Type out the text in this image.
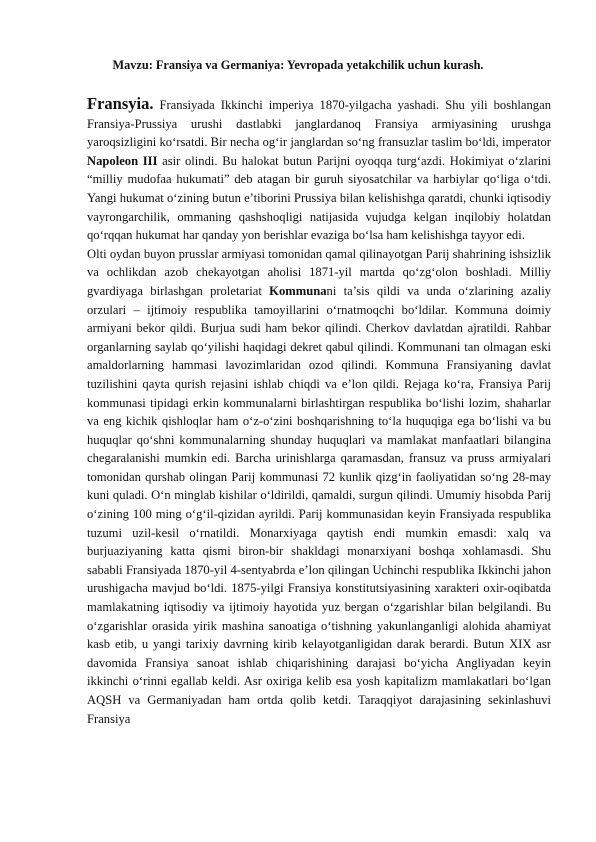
Mavzu: Fransiya va Germaniya: Yevropada yetakchilik uchun kurash.

Fransyia. Fransiyada Ikkinchi imperiya 1870-yilgacha yashadi. Shu yili boshlangan Fransiya-Prussiya urushi dastlabki janglardanoq Fransiya armiyasining urushga yaroqsizligini ko‘rsatdi. Bir necha og‘ir janglardan so‘ng fransuzlar taslim bo‘ldi, imperator Napoleon III asir olindi. Bu halokat butun Parijni oyoqqa turg‘azdi. Hokimiyat o‘zlarini “milliy mudofaa hukumati” deb atagan bir guruh siyosatchilar va harbiylar qo‘liga o‘tdi. Yangi hukumat o‘zining butun e’tiborini Prussiya bilan kelishishga qaratdi, chunki iqtisodiy vayrongarchilik, ommaning qashshoqligi natijasida vujudga kelgan inqilobiy holatdan qo‘rqqan hukumat har qanday yon berishlar evaziga bo‘lsa ham kelishishga tayyor edi.

Olti oydan buyon prusslar armiyasi tomonidan qamal qilinayotgan Parij shahrining ishsizlik va ochlikdan azob chekayotgan aholisi 1871-yil martda qo‘zg‘olon boshladi. Milliy gvardiyaga birlashgan proletariat Kommunani ta’sis qildi va unda o‘zlarining azaliy orzulari – ijtimoiy respublika tamoyillarini o‘rnatmoqchi bo‘ldilar. Kommuna doimiy armiyani bekor qildi. Burjua sudi ham bekor qilindi. Cherkov davlatdan ajratildi. Rahbar organlarning saylab qo‘yilishi haqidagi dekret qabul qilindi. Kommunani tan olmagan eski amaldorlarning hammasi lavozimlaridan ozod qilindi. Kommuna Fransiyaning davlat tuzilishini qayta qurish rejasini ishlab chiqdi va e’lon qildi. Rejaga ko‘ra, Fransiya Parij kommunasi tipidagi erkin kommunalarni birlashtirgan respublika bo‘lishi lozim, shaharlar va eng kichik qishloqlar ham o‘z-o‘zini boshqarishning to‘la huquqiga ega bo‘lishi va bu huquqlar qo‘shni kommunalarning shunday huquqlari va mamlakat manfaatlari bilangina chegaralanishi mumkin edi. Barcha urinishlarga qaramasdan, fransuz va pruss armiyalari tomonidan qurshab olingan Parij kommunasi 72 kunlik qizg‘in faoliyatidan so‘ng 28-may kuni quladi. O‘n minglab kishilar o‘ldirildi, qamaldi, surgun qilindi. Umumiy hisobda Parij o‘zining 100 ming o‘g‘il-qizidan ayrildi. Parij kommunasidan keyin Fransiyada respublika tuzumi uzil-kesil o‘rnatildi. Monarxiyaga qaytish endi mumkin emasdi: xalq va burjuaziyaning katta qismi biron-bir shakldagi monarxiyani boshqa xohlamasdi. Shu sababli Fransiyada 1870-yil 4-sentyabrda e’lon qilingan Uchinchi respublika Ikkinchi jahon urushigacha mavjud bo‘ldi. 1875-yilgi Fransiya konstitutsiyasining xarakteri oxir-oqibatda mamlakatning iqtisodiy va ijtimoiy hayotida yuz bergan o‘zgarishlar bilan belgilandi. Bu o‘zgarishlar orasida yirik mashina sanoatiga o‘tishning yakunlanganligi alohida ahamiyat kasb etib, u yangi tarixiy davrning kirib kelayotganligidan darak berardi. Butun XIX asr davomida Fransiya sanoat ishlab chiqarishining darajasi bo‘yicha Angliyadan keyin ikkinchi o‘rinni egallab keldi. Asr oxiriga kelib esa yosh kapitalizm mamlakatlari bo‘lgan AQSH va Germaniyadan ham ortda qolib ketdi. Taraqqiyot darajasining sekinlashuvi Fransiya
